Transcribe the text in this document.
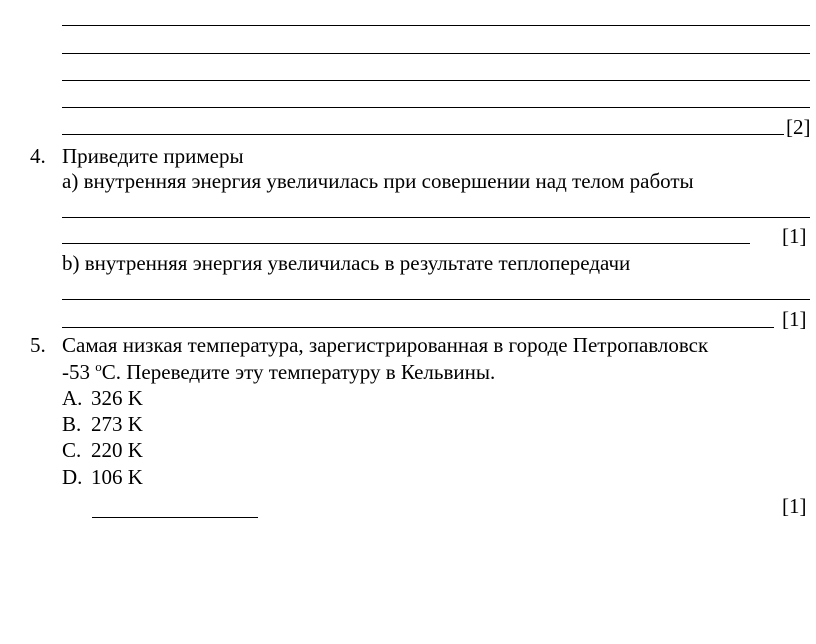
[2]
4. Приведите примеры
a) внутренняя энергия увеличилась при совершении над телом работы
[1]
b) внутренняя энергия увеличилась в результате теплопередачи
[1]
5. Самая низкая температура, зарегистрированная в городе Петропавловск
-53 $^o$С. Переведите эту температуру в Кельвины.
A. 326 K
B. 273 K
C. 220 K
D. 106 K
[1]
